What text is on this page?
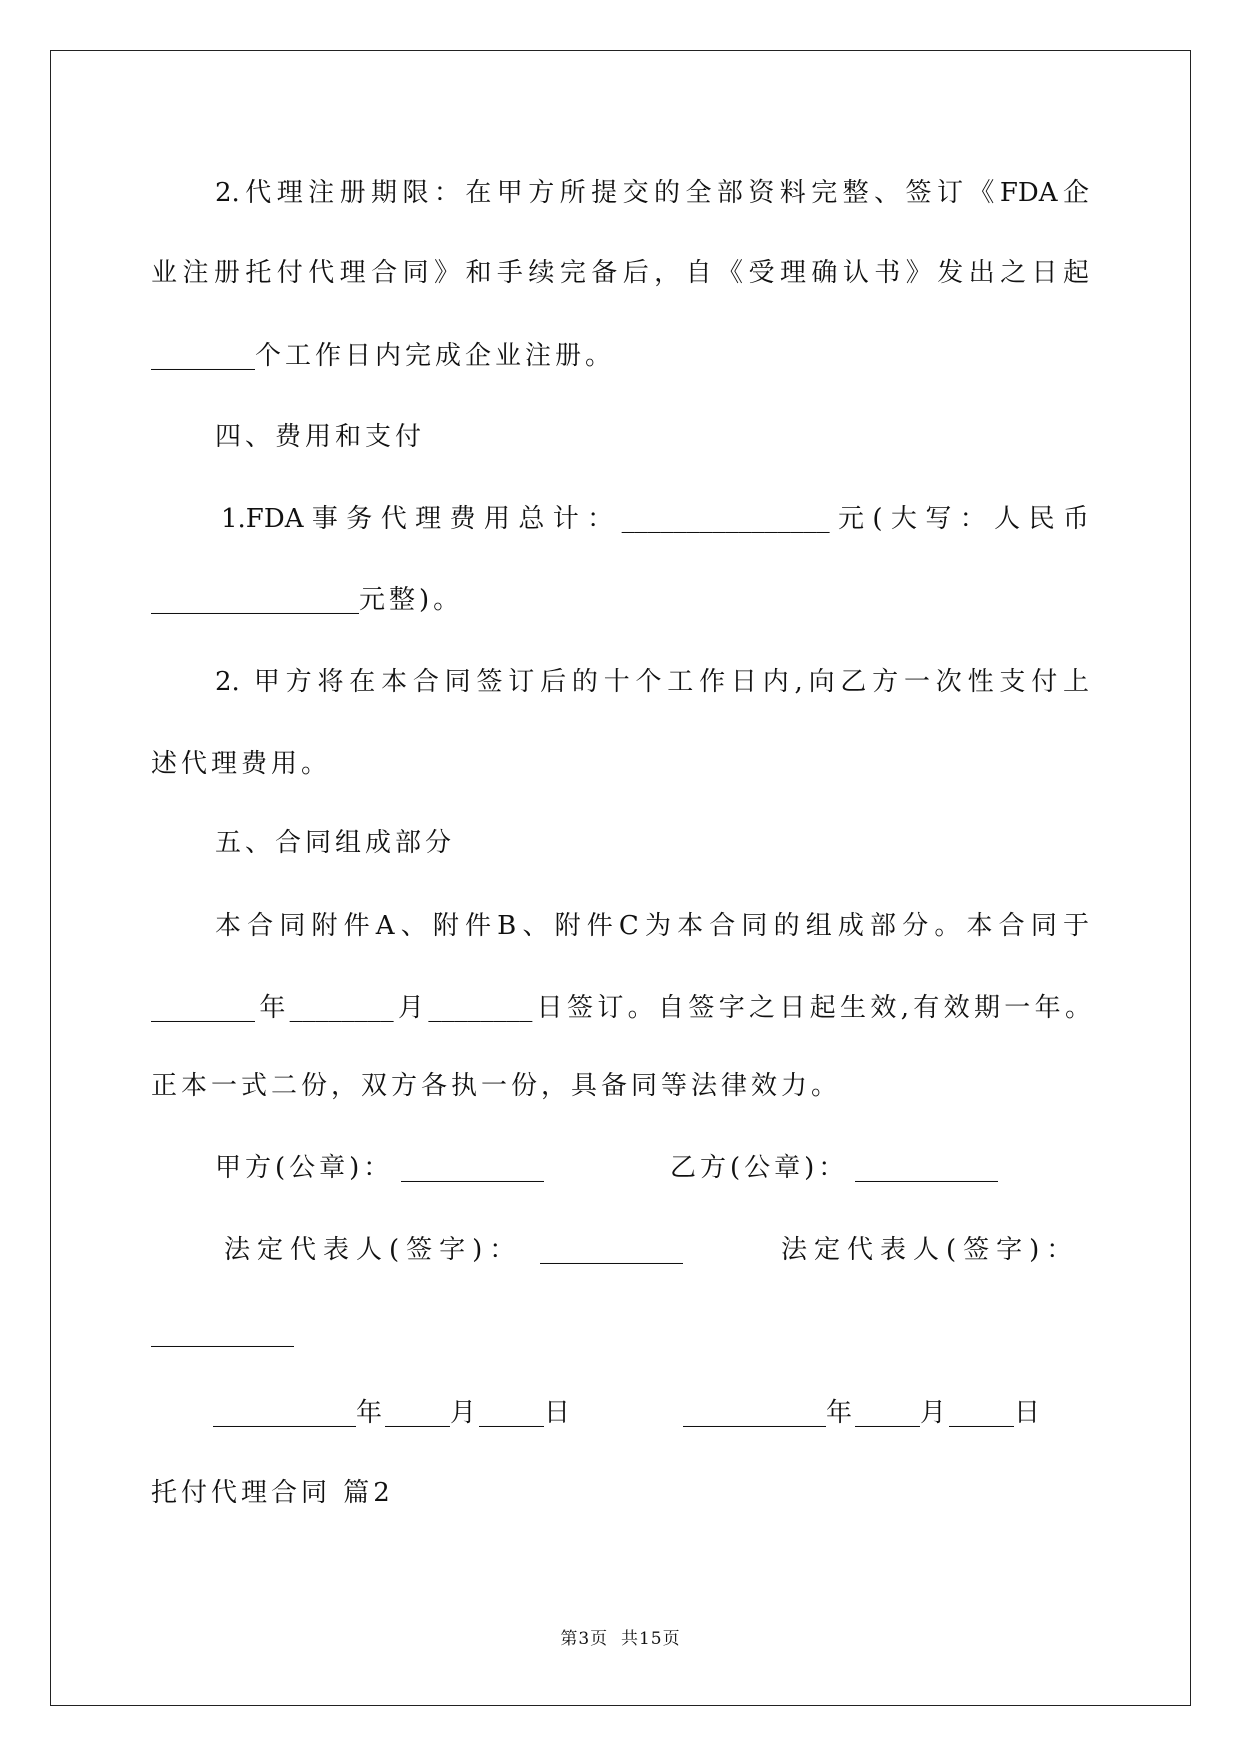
2.代理注册期限：在甲方所提交的全部资料完整、签订《FDA企
业注册托付代理合同》和手续完备后，自《受理确认书》发出之日起
________个工作日内完成企业注册。
四、费用和支付
1.FDA事务代理费用总计：________________元(大写：人民币
________________元整)。
2. 甲方将在本合同签订后的十个工作日内,向乙方一次性支付上
述代理费用。
五、合同组成部分
本合同附件A、附件B、附件C为本合同的组成部分。本合同于
________年________月________日签订。自签字之日起生效,有效期一年。
正本一式二份，双方各执一份，具备同等法律效力。
甲方(公章)： ___________	乙方(公章)： ___________
法定代表人(签字)： ___________	法定代表人(签字)：
___________
___________年_____月_____日	___________年_____月_____日
托付代理合同 篇2
第3页  共15页
